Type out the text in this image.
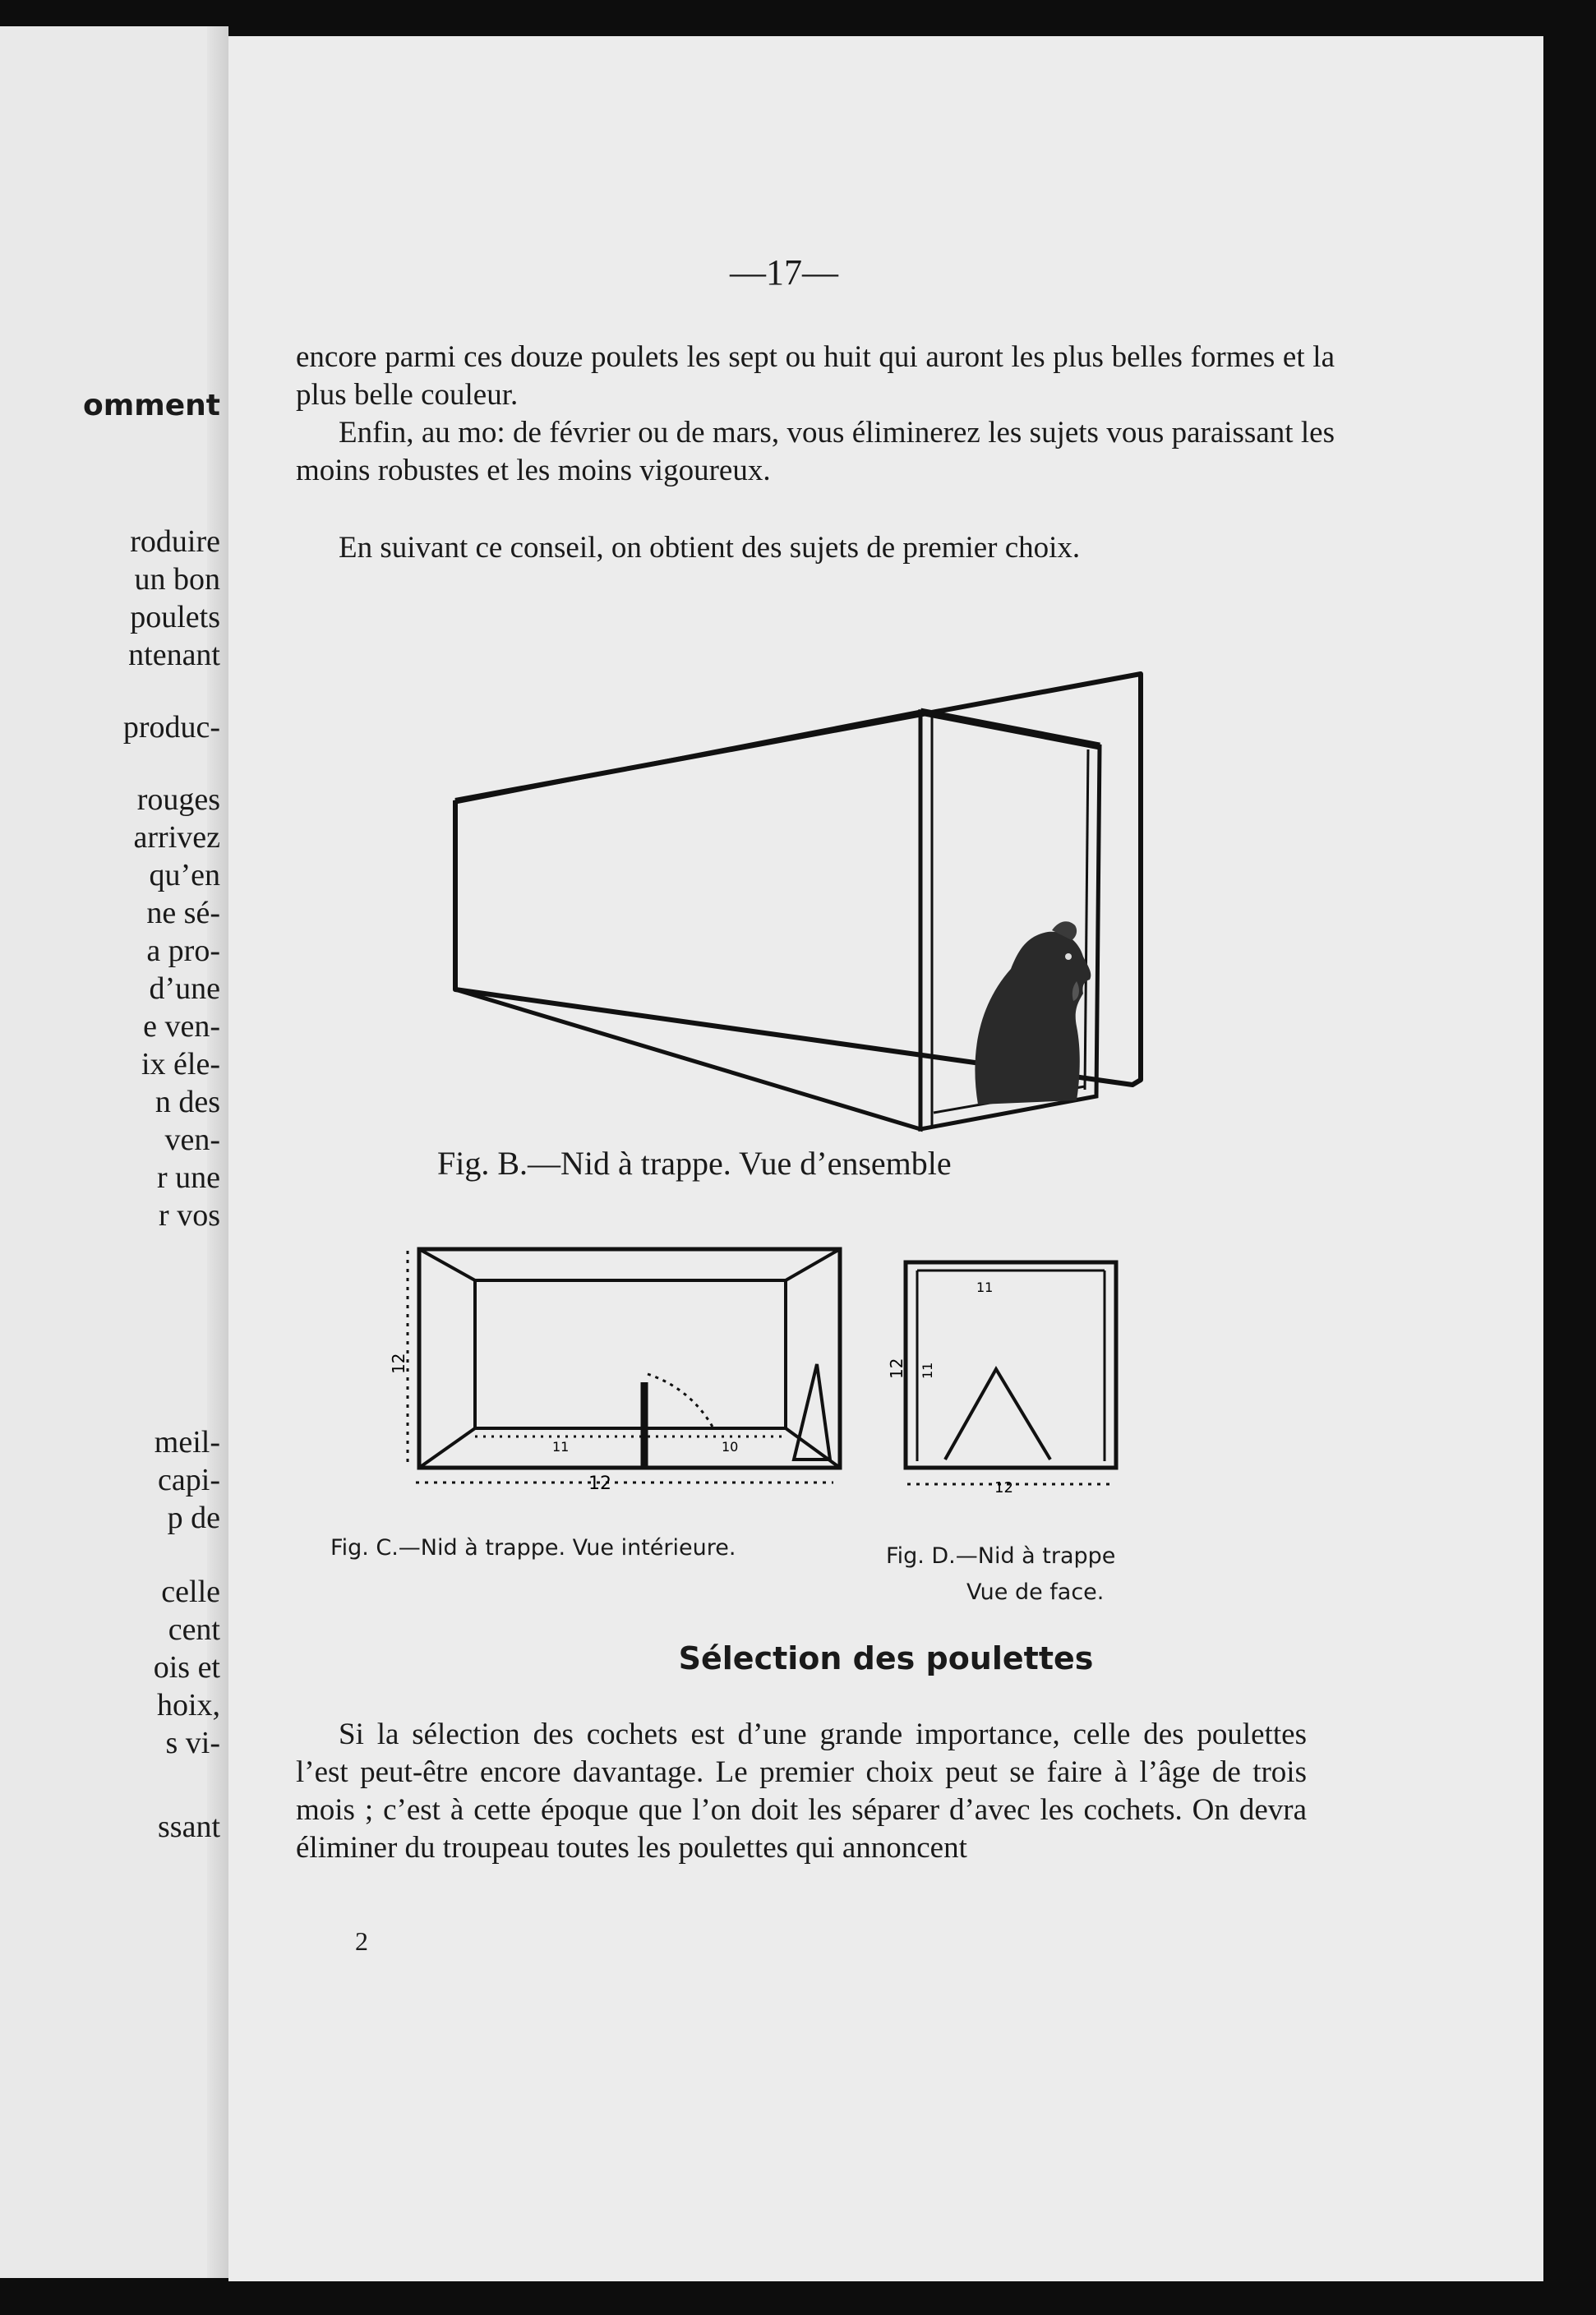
omment
roduire
un bon
poulets
ntenant
produc-
rouges
arrivez
qu’en
ne sé-
a pro-
d’une
e ven-
ix éle-
n des
ven-
r une
r vos
meil-
capi-
p de
celle
cent
ois et
hoix,
s vi-
ssant
—17—

encore parmi ces douze poulets les sept ou huit qui auront les plus belles formes et la plus belle couleur.

Enfin, au mo: de février ou de mars, vous éliminerez les sujets vous paraissant les moins robustes et les moins vigoureux.

En suivant ce conseil, on obtient des sujets de premier choix.

Fig. B.—Nid à trappe. Vue d’ensemble
12
11	10
12
11
12 11
12
Fig. C.—Nid à trappe. Vue intérieure.	Fig. D.—Nid à trappe
Vue de face.
Sélection des poulettes

Si la sélection des cochets est d’une grande importance, celle des poulettes l’est peut-être encore davantage. Le premier choix peut se faire à l’âge de trois mois ; c’est à cette époque que l’on doit les séparer d’avec les cochets. On devra éliminer du troupeau toutes les poulettes qui annoncent

2
